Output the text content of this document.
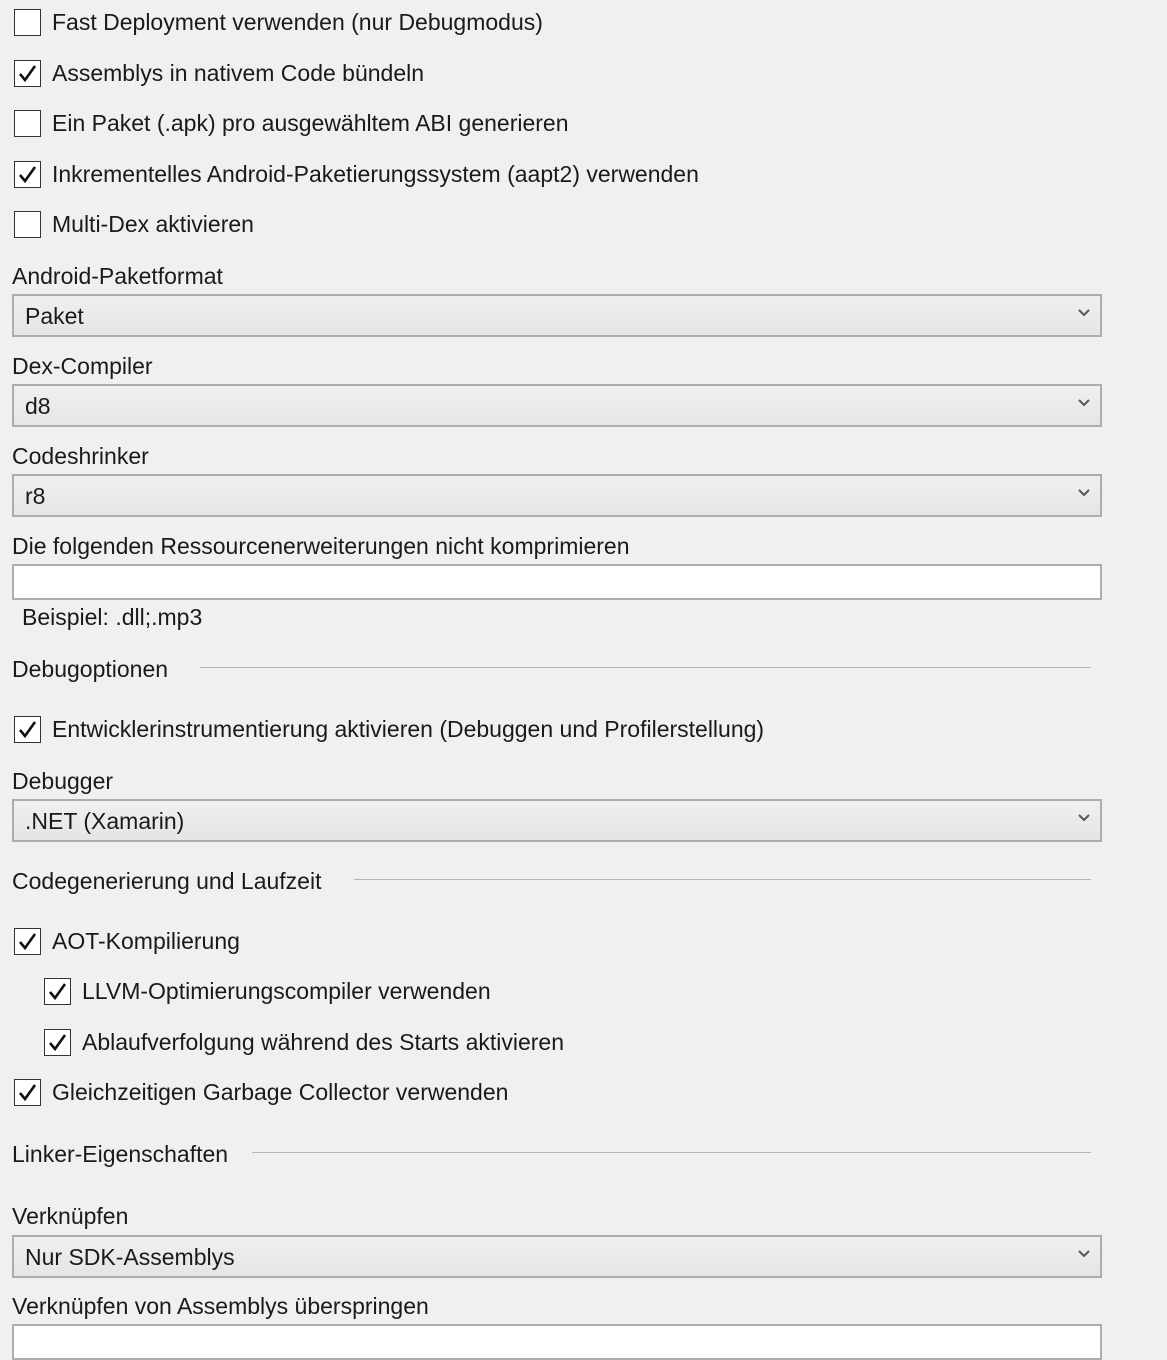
Fast Deployment verwenden (nur Debugmodus)
Assemblys in nativem Code bündeln
Ein Paket (.apk) pro ausgewähltem ABI generieren
Inkrementelles Android-Paketierungssystem (aapt2) verwenden
Multi-Dex aktivieren
Android-Paketformat
Paket
Dex-Compiler
d8
Codeshrinker
r8
Die folgenden Ressourcenerweiterungen nicht komprimieren
Beispiel: .dll;.mp3
Debugoptionen
Entwicklerinstrumentierung aktivieren (Debuggen und Profilerstellung)
Debugger
.NET (Xamarin)
Codegenerierung und Laufzeit
AOT-Kompilierung
LLVM-Optimierungscompiler verwenden
Ablaufverfolgung während des Starts aktivieren
Gleichzeitigen Garbage Collector verwenden
Linker-Eigenschaften
Verknüpfen
Nur SDK-Assemblys
Verknüpfen von Assemblys überspringen
